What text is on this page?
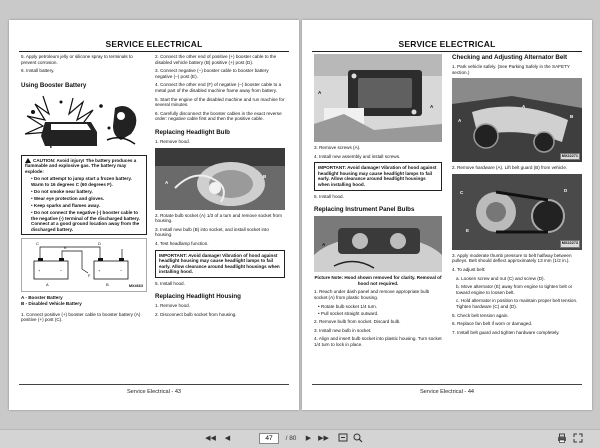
SERVICE ELECTRICAL

5. Apply petroleum jelly or silicone spray to terminals to prevent corrosion.

6. Install battery.

Using Booster Battery

CAUTION: Avoid injury! The battery produces a flammable and explosive gas. The battery may explode:

• Do not attempt to jump start a frozen battery. Warm to 16 degrees C (60 degrees F).

• Do not smoke near battery.

• Wear eye protection and gloves.

• Keep sparks and flames away.

• Do not connect the negative (-) booster cable to the negative (-) terminal of the discharged battery. Connect at a good ground location away from the discharged battery.

A	B
C	D
E
F
+	−	+	−
MX4663

A - Booster Battery

B - Disabled Vehicle Battery

1. Connect positive (+) booster cable to booster battery (A) positive (+) post (C).

2. Connect the other end of positive (+) booster cable to the disabled vehicle battery (B) positive (+) post (D).

3. Connect negative (–) booster cable to booster battery negative (–) post (E).

4. Connect the other end (F) of negative (–) booster cable to a metal part of the disabled machine frame away from battery.

5. Start the engine of the disabled machine and run machine for several minutes.

6. Carefully disconnect the booster cables in the exact reverse order: negative cable first and then the positive cable.

Replacing Headlight Bulb

1. Remove hood.

A
B

2. Rotate bulb socket (A) 1/3 of a turn and remove socket from housing.

3. Install new bulb (B) into socket, and install socket into housing.

4. Test headlamp function.

IMPORTANT: Avoid damage! Vibration of hood against headlight housing may cause headlight lamps to fail early. Allow clearance around headlight housings when installing hood.

5. Install hood.

Replacing Headlight Housing

1. Remove hood.

2. Disconnect bulb socket from housing.

Service Electrical - 43
SERVICE ELECTRICAL
A
A

3. Remove screws (A).

4. Install new assembly and install screws.

IMPORTANT: Avoid damage! Vibration of hood against headlight housing may cause headlight lamps to fail early. Allow clearance around headlight housings when installing hood.

5. Install hood.

Replacing Instrument Panel Bulbs
A

Picture Note: Hood shown removed for clarity. Removal of hood not required.

1. Reach under dash panel and remove appropriate bulb socket (A) from plastic housing.

• Rotate bulb socket 1/4 turn.

• Pull socket straight outward.

2. Remove bulb from socket. Discard bulb.

3. Install new bulb in socket.

4. Align and insert bulb socket into plastic housing. Turn socket 1/4 turn to lock in place.

Checking and Adjusting Alternator Belt

1. Park vehicle safely. (See Parking Safely in the SAFETY section.)

A
B
A
MX22271

2. Remove hardware (A). Lift belt guard (B) from vehicle.

C	D
E
MX22273

3. Apply moderate thumb pressure to belt halfway between pulleys. Belt should deflect approximately 13 mm (1/2 in.).

4. To adjust belt:

a. Loosen screw and nut (C) and screw (D).

b. Move alternator (E) away from engine to tighten belt or toward engine to loosen belt.

c. Hold alternator in position to maintain proper belt tension. Tighten hardware (C) and (D).

5. Check belt tension again.

6. Replace fan belt if worn or damaged.

7. Install belt guard and tighten hardware completely.

Service Electrical - 44
◀◀	◀
47	/ 80	▶ ▶▶
